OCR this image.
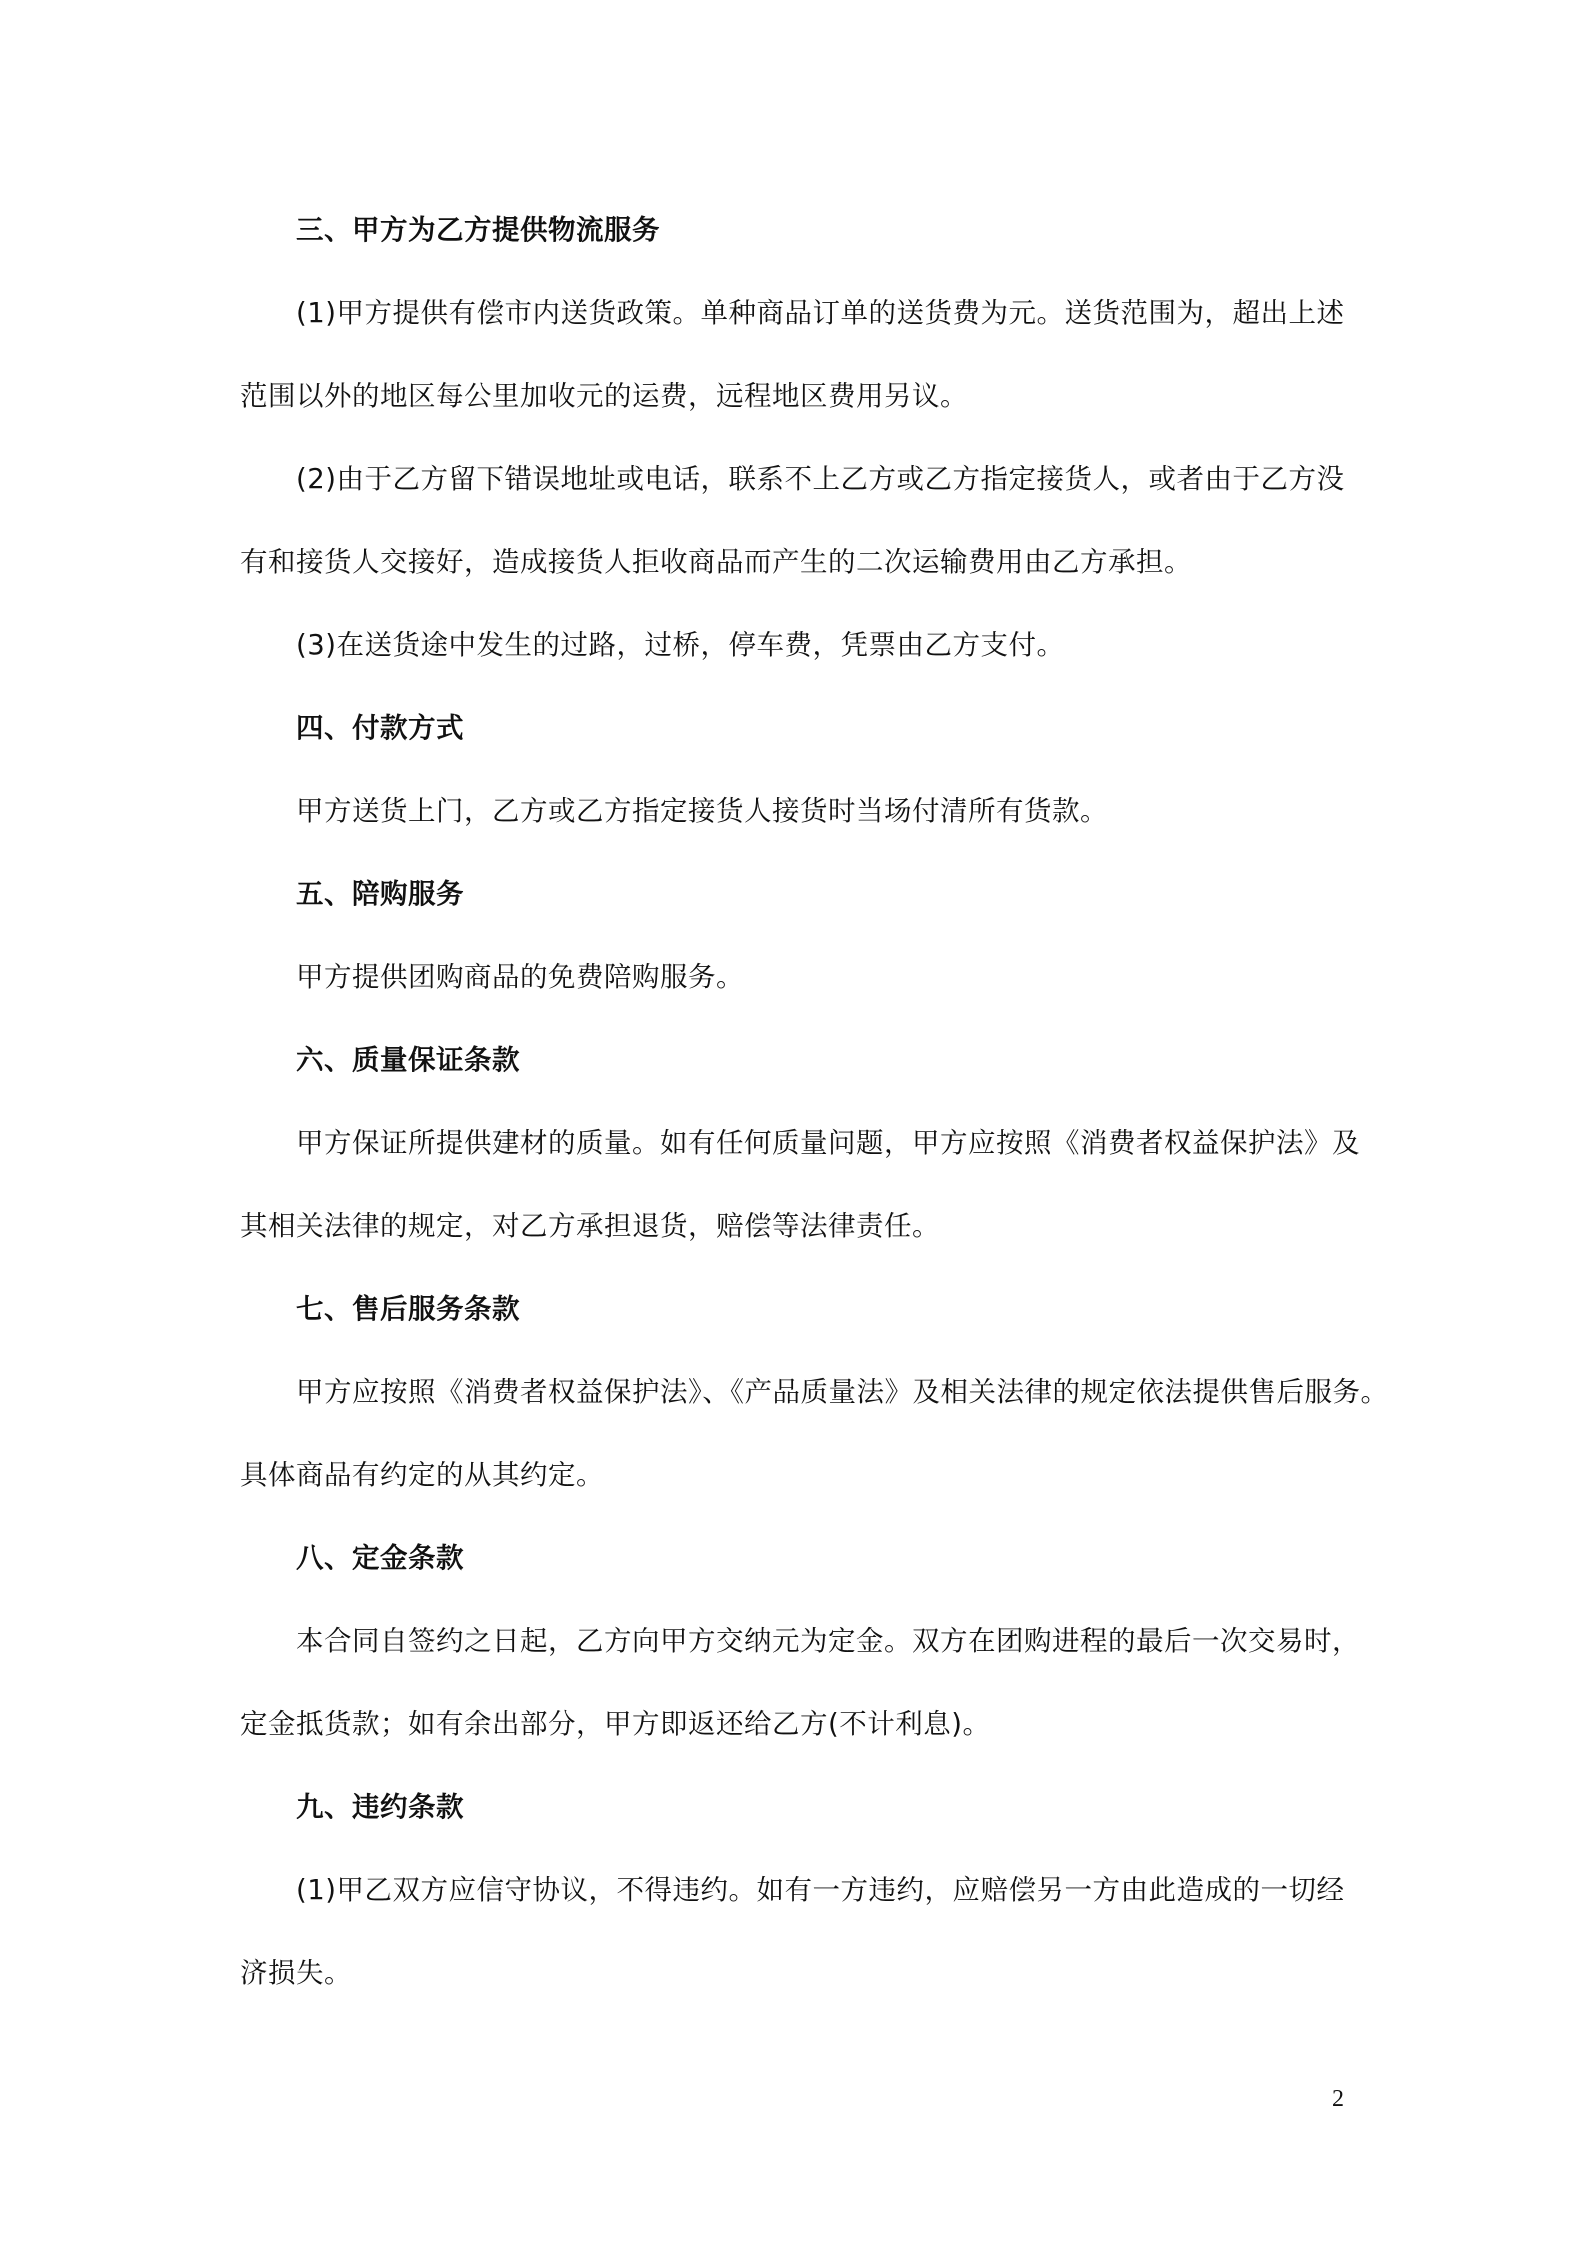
三、甲方为乙方提供物流服务
(1)甲方提供有偿市内送货政策。单种商品订单的送货费为元。送货范围为，超出上述
范围以外的地区每公里加收元的运费，远程地区费用另议。
(2)由于乙方留下错误地址或电话，联系不上乙方或乙方指定接货人，或者由于乙方没
有和接货人交接好，造成接货人拒收商品而产生的二次运输费用由乙方承担。
(3)在送货途中发生的过路，过桥，停车费，凭票由乙方支付。
四、付款方式
甲方送货上门，乙方或乙方指定接货人接货时当场付清所有货款。
五、陪购服务
甲方提供团购商品的免费陪购服务。
六、质量保证条款
甲方保证所提供建材的质量。如有任何质量问题，甲方应按照《消费者权益保护法》及
其相关法律的规定，对乙方承担退货，赔偿等法律责任。
七、售后服务条款
甲方应按照《消费者权益保护法》、《产品质量法》及相关法律的规定依法提供售后服务。
具体商品有约定的从其约定。
八、定金条款
本合同自签约之日起，乙方向甲方交纳元为定金。双方在团购进程的最后一次交易时，
定金抵货款；如有余出部分，甲方即返还给乙方(不计利息)。
九、违约条款
(1)甲乙双方应信守协议，不得违约。如有一方违约，应赔偿另一方由此造成的一切经
济损失。
2
